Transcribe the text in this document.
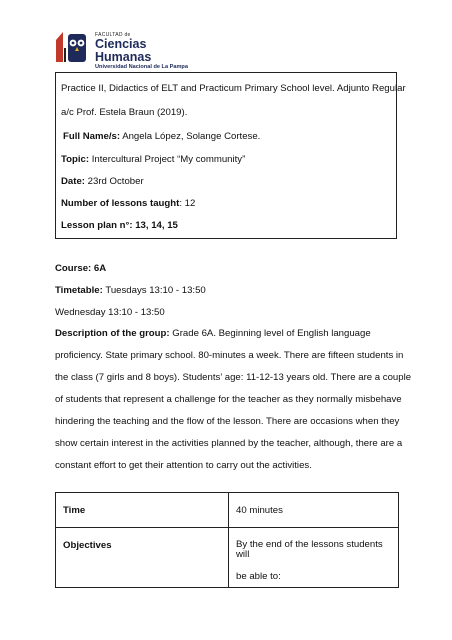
FACULTAD de
Ciencias Humanas
Universidad Nacional de La Pampa
Practice II, Didactics of ELT and Practicum Primary School level. Adjunto Regular
a/c Prof. Estela Braun (2019).
Full Name/s: Angela López, Solange Cortese.
Topic: Intercultural Project “My community”
Date: 23rd October
Number of lessons taught: 12
Lesson plan n°: 13, 14, 15
Course: 6A
Timetable: Tuesdays 13:10 - 13:50
Wednesday 13:10 - 13:50
Description of the group: Grade 6A. Beginning level of English language
proficiency. State primary school. 80-minutes a week. There are fifteen students in
the class (7 girls and 8 boys). Students’ age: 11-12-13 years old. There are a couple
of students that represent a challenge for the teacher as they normally misbehave
hindering the teaching and the flow of the lesson. There are occasions when they
show certain interest in the activities planned by the teacher, although, there are a
constant effort to get their attention to carry out the activities.
Time	40 minutes

Objectives	By the end of the lessons students will
be able to:
